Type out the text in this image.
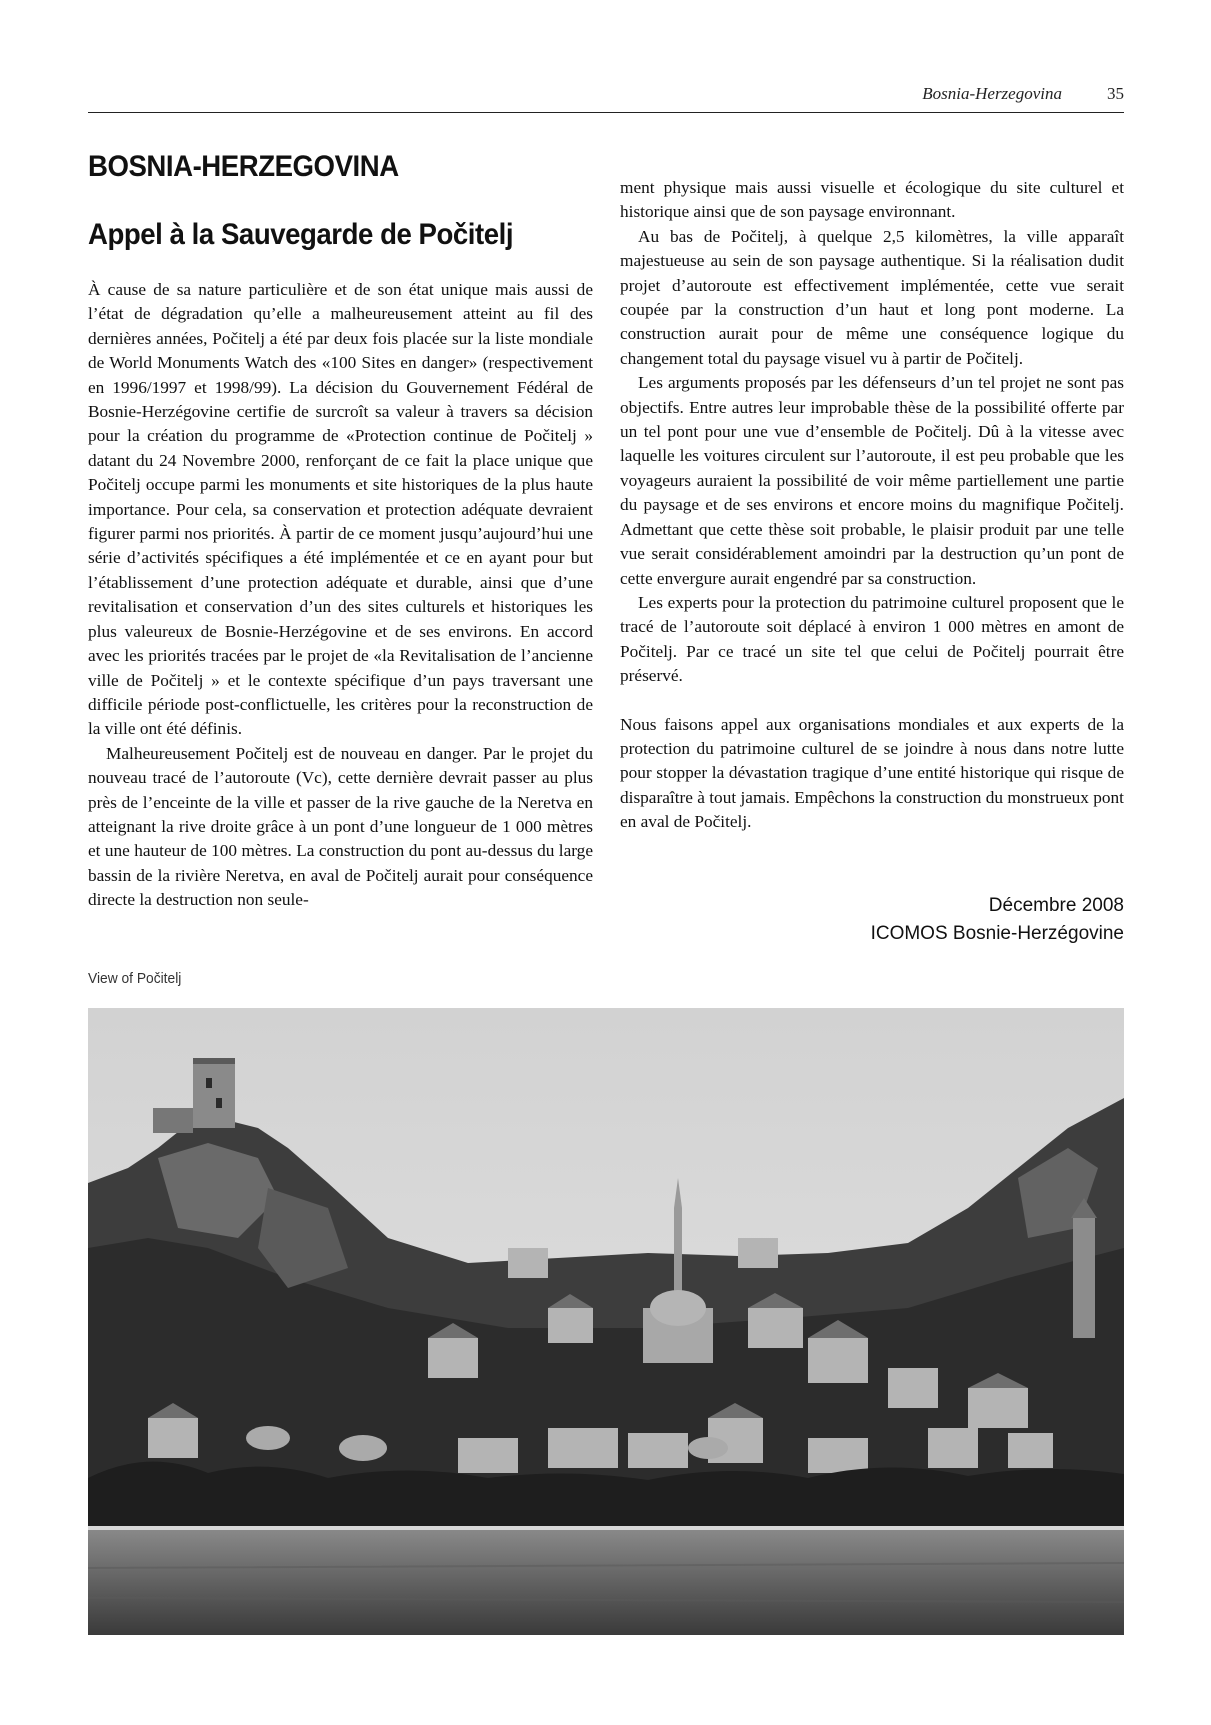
Bosnia-Herzegovina	35
BOSNIA-HERZEGOVINA
Appel à la Sauvegarde de Počitelj

À cause de sa nature particulière et de son état unique mais aussi de l’état de dégradation qu’elle a malheureusement atteint au fil des dernières années, Počitelj a été par deux fois placée sur la liste mondiale de World Monuments Watch des «100 Sites en danger» (respectivement en 1996/1997 et 1998/99). La décision du Gouvernement Fédéral de Bosnie-Herzégovine certifie de surcroît sa valeur à travers sa décision pour la création du programme de «Protection continue de Počitelj » datant du 24 Novembre 2000, renforçant de ce fait la place unique que Počitelj occupe parmi les monuments et site historiques de la plus haute importance. Pour cela, sa conservation et protection adéquate devraient figurer parmi nos priorités. À partir de ce moment jusqu’aujourd’hui une série d’activités spécifiques a été implémentée et ce en ayant pour but l’établissement d’une protection adéquate et durable, ainsi que d’une revitalisation et conservation d’un des sites culturels et historiques les plus valeureux de Bosnie-Herzégovine et de ses environs. En accord avec les priorités tracées par le projet de «la Revitalisation de l’ancienne ville de Počitelj » et le contexte spécifique d’un pays traversant une difficile période post-conflictuelle, les critères pour la reconstruction de la ville ont été définis.

Malheureusement Počitelj est de nouveau en danger. Par le projet du nouveau tracé de l’autoroute (Vc), cette dernière devrait passer au plus près de l’enceinte de la ville et passer de la rive gauche de la Neretva en atteignant la rive droite grâce à un pont d’une longueur de 1 000 mètres et une hauteur de 100 mètres. La construction du pont au-dessus du large bassin de la rivière Neretva, en aval de Počitelj aurait pour conséquence directe la destruction non seule-

ment physique mais aussi visuelle et écologique du site culturel et historique ainsi que de son paysage environnant.

Au bas de Počitelj, à quelque 2,5 kilomètres, la ville apparaît majestueuse au sein de son paysage authentique. Si la réalisation dudit projet d’autoroute est effectivement implémentée, cette vue serait coupée par la construction d’un haut et long pont moderne. La construction aurait pour de même une conséquence logique du changement total du paysage visuel vu à partir de Počitelj.

Les arguments proposés par les défenseurs d’un tel projet ne sont pas objectifs. Entre autres leur improbable thèse de la possibilité offerte par un tel pont pour une vue d’ensemble de Počitelj. Dû à la vitesse avec laquelle les voitures circulent sur l’autoroute, il est peu probable que les voyageurs auraient la possibilité de voir même partiellement une partie du paysage et de ses environs et encore moins du magnifique Počitelj. Admettant que cette thèse soit probable, le plaisir produit par une telle vue serait considérablement amoindri par la destruction qu’un pont de cette envergure aurait engendré par sa construction.

Les experts pour la protection du patrimoine culturel proposent que le tracé de l’autoroute soit déplacé à environ 1 000 mètres en amont de Počitelj. Par ce tracé un site tel que celui de Počitelj pourrait être préservé.

Nous faisons appel aux organisations mondiales et aux experts de la protection du patrimoine culturel de se joindre à nous dans notre lutte pour stopper la dévastation tragique d’une entité historique qui risque de disparaître à tout jamais. Empêchons la construction du monstrueux pont en aval de Počitelj.

Décembre 2008
ICOMOS Bosnie-Herzégovine
View of Počitelj
